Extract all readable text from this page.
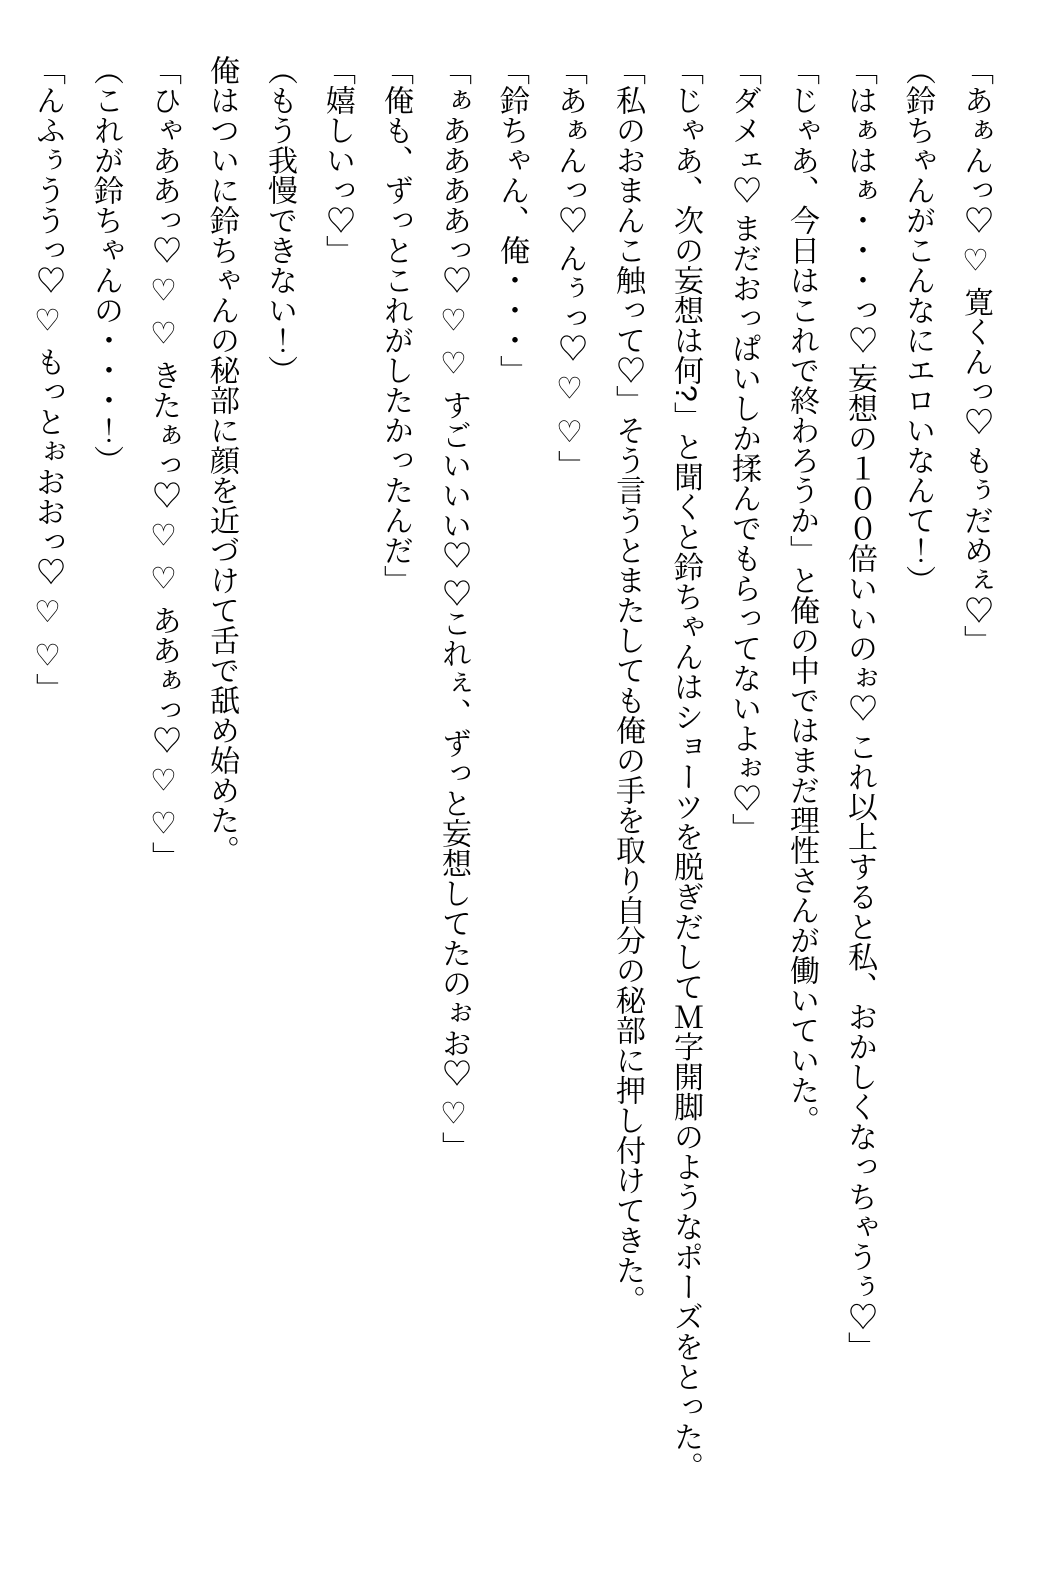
「あぁんっ♡ ♡ 寛くんっ♡ もぅだめぇ♡」

（鈴ちゃんがこんなにエロいなんて！）

「はぁはぁ・・・っ♡ 妄想の１００倍いいのぉ♡ これ以上すると私、おかしくなっちゃうぅ♡」

「じゃあ、今日はこれで終わろうか」と俺の中ではまだ理性さんが働いていた。

「ダメェ♡ まだおっぱいしか揉んでもらってないよぉ♡」

「じゃあ、次の妄想は何?」と聞くと鈴ちゃんはショーツを脱ぎだしてＭ字開脚のようなポーズをとった。

「私のおまんこ触って♡」そう言うとまたしても俺の手を取り自分の秘部に押し付けてきた。

「あぁんっ♡ んぅっ♡ ♡ ♡」

「鈴ちゃん、俺・・・」

「ぁああああっ♡ ♡ ♡ すごいいい♡ ♡これぇ、ずっと妄想してたのぉお♡ ♡」

「俺も、ずっとこれがしたかったんだ」

「嬉しいっ♡」

（もう我慢できない！）

俺はついに鈴ちゃんの秘部に顔を近づけて舌で舐め始めた。

「ひゃああっ♡ ♡ ♡ きたぁっ♡ ♡ ♡ ああぁっ♡ ♡ ♡」

（これが鈴ちゃんの・・・！）

「んふぅううっ♡ ♡ もっとぉおおっ♡ ♡ ♡」
